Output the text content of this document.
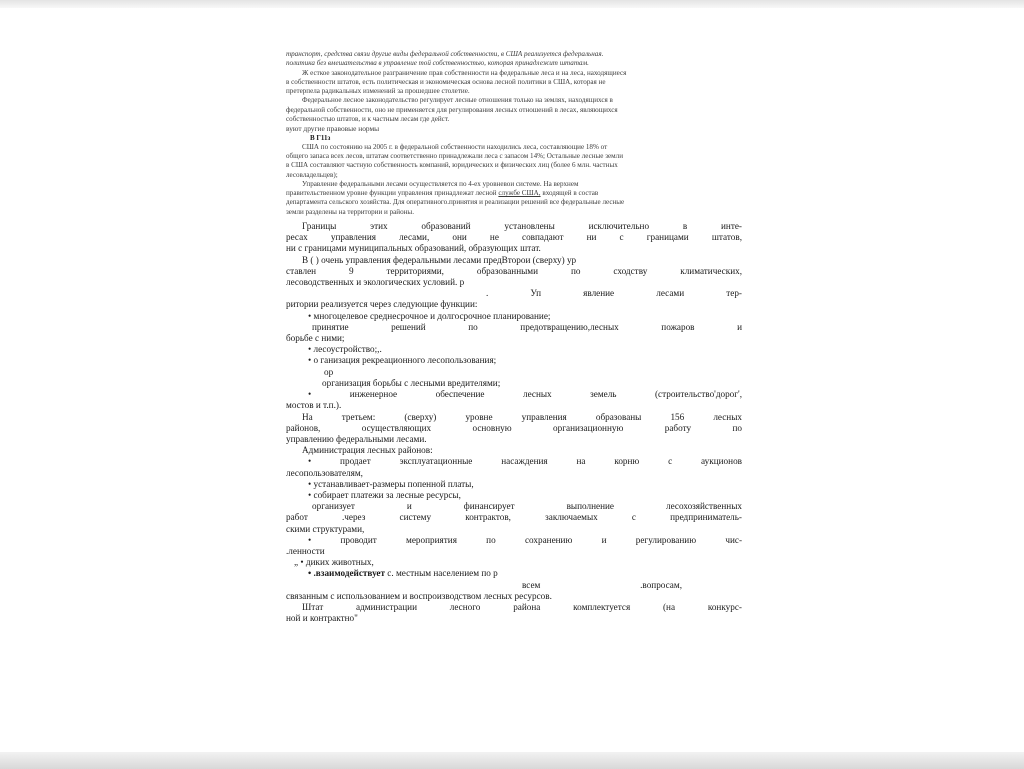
транспорт, средства связи другие виды федеральной собственности, в США реализуется федеральная.

политика без вмешательства в управление той собственностью, которая принадлежит штатам.

Ж есткое законодательное разграничение прав собственности на федеральные леса и на леса, находящиеся

в собственности штатов, есть политическая и экономическая основа лесной политики в США, которая не

претерпела радикальных изменений за прошедшее столетие.

Федеральное лесное законодательство регулирует лесные отношения только на землях, находящихся в

федеральной собственности, оно не применяется для регулирования лесных отношений в лесах, являющихся

собственностью штатов, и к частным лесам где дейст.

вуют другие правовые нормы

В Г11з

США по состоянию на 2005 г. в федеральной собственности находились леса, составляющие 18% от

общего запаса всех лесов, штатам соответственно принадлежали леса с запасом 14%; Остальные лесные земли

в США составляют частную собственность компаний, юридических и физических лиц (более 6 млн. частных

лесовладельцев);

Управление федеральными лесами осуществляется по 4-ех уровневои системе. На верхнем

правительственном уровне функции управления принадлежат лесной службе США, входящей в состав

департамента сельского хозяйства. Для оперативного.принятия и реализации решений все федеральные лесные

земли разделены на территории и районы.

Границы этих образований установлены исключительно в инте-

ресах управления лесами, они не совпадают ни с границами штатов,

ни с границами муниципальных образований, образующих штат.

В ( ) очень управления федеральными лесами предВторои (сверху) ур

ставлен 9 территориями, образованными по сходству климатических,

лесоводственных и экологических условий. р

. Уп явление лесами тер-

ритории реализуется через следующие функции:

• многоцелевое среднесрочное и долгосрочное планирование;

принятие решений по предотвращению,лесных пожаров и

борьбе с ними;

• лесоустройство;,.

• о ганизация рекреационного лесопользования;

ор

организация борьбы с лесными вредителями;

• инженерное обеспечение лесных земель (строительство'дорог',

мостов и т.п.).

На третьем: (сверху) уровне управления образованы 156 лесных

районов, осуществляющих основную организационную работу по

управлению федеральными лесами.

Администрация лесных районов:

• продает эксплуатационные насаждения на корню с аукционов

лесопользователям,

• устанавливает-размеры попенной платы,

• собирает платежи за лесные ресурсы,

организует и финансирует выполнение лесохозяйственных

работ .через систему контрактов, заключаемых с предприниматель-

скими структурами,

• проводит мероприятия по сохранению и регулированию чис-

.ленности

„ • диких животных,

• .взаимодействует с. местным населением по р

всем .вопросам,

связанным с использованием и воспроизводством лесных ресурсов.

Штат администрации лесного района комплектуется (на конкурс-

ной и контрактно"
